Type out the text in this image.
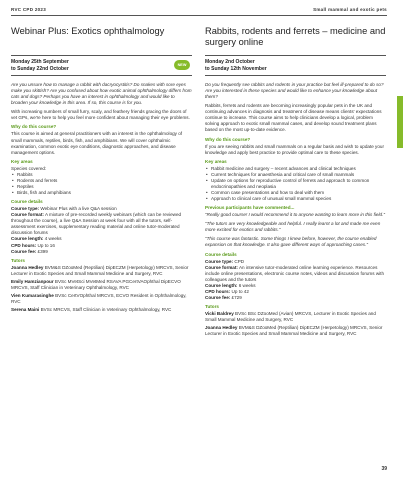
RVC CPD 2023	Small mammal and exotic pets
Webinar Plus: Exotics ophthalmology
Monday 25th September
to Sunday 22nd October
NEW

Are you unsure how to manage a rabbit with dacryocystitis? Do snakes with sore eyes make you skittish? Are you confused about how exotic animal ophthalmology differs from cats and dogs? Perhaps you have an interest in ophthalmology and would like to broaden your knowledge in this area. If so, this course is for you.

With increasing numbers of small furry, scaly, and feathery friends gracing the doors of vet GPs, we're here to help you feel more confident about managing their eye problems.

Why do this course?

This course is aimed at general practitioners with an interest in the ophthalmology of small mammals, reptiles, birds, fish, and amphibians. We will cover ophthalmic examination, common exotic eye conditions, diagnostic approaches, and disease management options.

Key areas

Species covered:

• Rabbits
• Rodents and ferrets
• Reptiles
• Birds, fish and amphibians
Course details

Course type: Webinar Plus with a live Q&A session

Course format: A mixture of pre-recorded weekly webinars (which can be reviewed throughout the course), a live Q&A Session at week four with all the tutors, self-assessment exercises, supplementary reading material and online tutor-moderated discussion forums

Course length: 4 weeks

CPD hours: Up to 16

Course fee: £399

Tutors

Joanna Hedley BVM&S DZooMed (Reptilian) DipECZM (Herpetology) MRCVS, Senior Lecturer in Exotic Species and Small Mammal Medicine and Surgery, RVC

Emily Hamzianpour BVSc MVetSci MVetMed RSAVA PGCertVAOphthal DipECVO MRCVS, Staff Clinician in Veterinary Ophthalmology, RVC

Vien Kumarasinghe BVSc CertVOphthal MRCVS, ECVO Resident in Ophthalmology, RVC

Serena Maini BVSc MRCVS, Staff Clinician in Veterinary Ophthalmology, RVC

Rabbits, rodents and ferrets – medicine and surgery online
Monday 2nd October
to Sunday 12th November

Do you frequently see rabbits and rodents in your practice but feel ill-prepared to do so? Are you interested in these species and would like to enhance your knowledge about them?

Rabbits, ferrets and rodents are becoming increasingly popular pets in the UK and continuing advances in diagnosis and treatment of disease means clients' expectations continue to increase. This course aims to help clinicians develop a logical, problem solving approach to exotic small mammal cases, and develop sound treatment plans based on the most up-to-date evidence.

Why do this course?

If you are seeing rabbits and small mammals on a regular basis and wish to update your knowledge and apply best practice to provide optimal care to these species.

Key areas
• Rabbit medicine and surgery – recent advances and clinical techniques
• Current techniques for anaesthesia and critical care of small mammals
• Update on options for reproductive control of ferrets and approach to common endocrinopathies and neoplasia
• Common case presentations and how to deal with them
• Approach to clinical care of unusual small mammal species
Previous participants have commented...

"Really good course! I would recommend it to anyone wanting to learn more in this field."

"The tutors are very knowledgeable and helpful. I really learnt a lot and made me even more excited for exotics and rabbits."

"This course was fantastic. Some things I knew before, however, the course enabled expansion on that knowledge. It also gave different ways of approaching cases."

Course details

Course type: CPD

Course format: An intensive tutor-moderated online learning experience. Resources include online presentations, electronic course notes, videos and discussion forums with colleagues and the tutors

Course length: 6 weeks

CPD hours: Up to 42

Course fee: £729

Tutors

Vicki Baldrey BVSc BSc DZooMed (Avian) MRCVS, Lecturer in Exotic Species and Small Mammal Medicine and Surgery, RVC

Joanna Hedley BVM&S DZooMed (Reptilian) DipECZM (Herpetology) MRCVS, Senior Lecturer in Exotic Species and Small Mammal Medicine and Surgery, RVC

39
